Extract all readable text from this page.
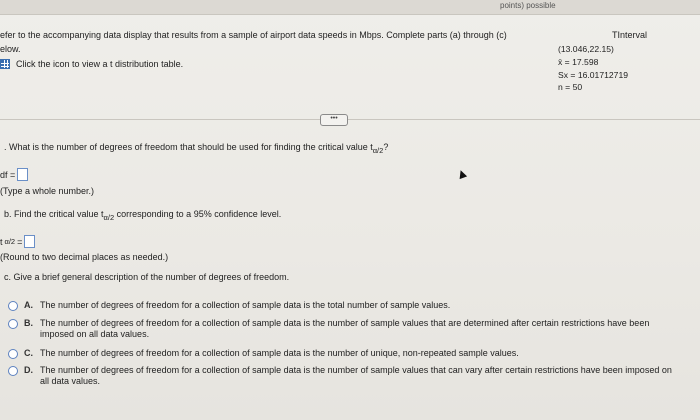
points) possible
efer to the accompanying data display that results from a sample of airport data speeds in Mbps. Complete parts (a) through (c)
elow.
Click the icon to view a t distribution table.
TInterval
(13.046,22.15)
x̄ = 17.598
Sx = 16.01712719
n = 50
•••
. What is the number of degrees of freedom that should be used for finding the critical value $t_{\alpha/2}$?
df =
(Type a whole number.)
b. Find the critical value $t_{\alpha/2}$ corresponding to a 95% confidence level.
t α/2 =
(Round to two decimal places as needed.)
c. Give a brief general description of the number of degrees of freedom.
A. The number of degrees of freedom for a collection of sample data is the total number of sample values.
B. The number of degrees of freedom for a collection of sample data is the number of sample values that are determined after certain restrictions have been imposed on all data values.
C. The number of degrees of freedom for a collection of sample data is the number of unique, non-repeated sample values.
D. The number of degrees of freedom for a collection of sample data is the number of sample values that can vary after certain restrictions have been imposed on all data values.
